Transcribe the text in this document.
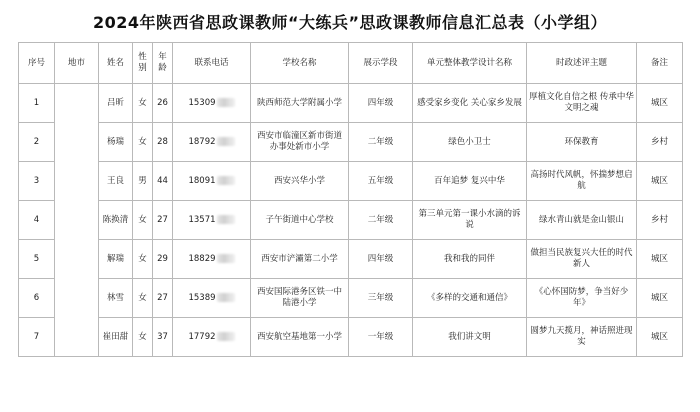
2024年陕西省思政课教师“大练兵”思政课教师信息汇总表（小学组）
序号	地市	姓名	性别	年龄	联系电话	学校名称	展示学段	单元整体教学设计名称	时政述评主题	备注
1		吕昕	女	26	15309	陕西师范大学附属小学	四年级	感受家乡变化 关心家乡发展	厚植文化自信之根 传承中华文明之魂	城区
2		杨瑞	女	28	18792	西安市临潼区新市街道办事处新市小学	二年级	绿色小卫士	环保教育	乡村
3		王良	男	44	18091	西安兴华小学	五年级	百年追梦 复兴中华	高扬时代风帆，怀揣梦想启航	城区
4		陈换清	女	27	13571	子午街道中心学校	二年级	第三单元第一课小水滴的诉说	绿水青山就是金山银山	乡村
5		解瑞	女	29	18829	西安市浐灞第二小学	四年级	我和我的同伴	做担当民族复兴大任的时代新人	城区
6		林雪	女	27	15389	西安国际港务区铁一中陆港小学	三年级	《多样的交通和通信》	《心怀国防梦，争当好少年》	城区
7		崔田甜	女	37	17792	西安航空基地第一小学	一年级	我们讲文明	圆梦九天揽月，神话照进现实	城区
